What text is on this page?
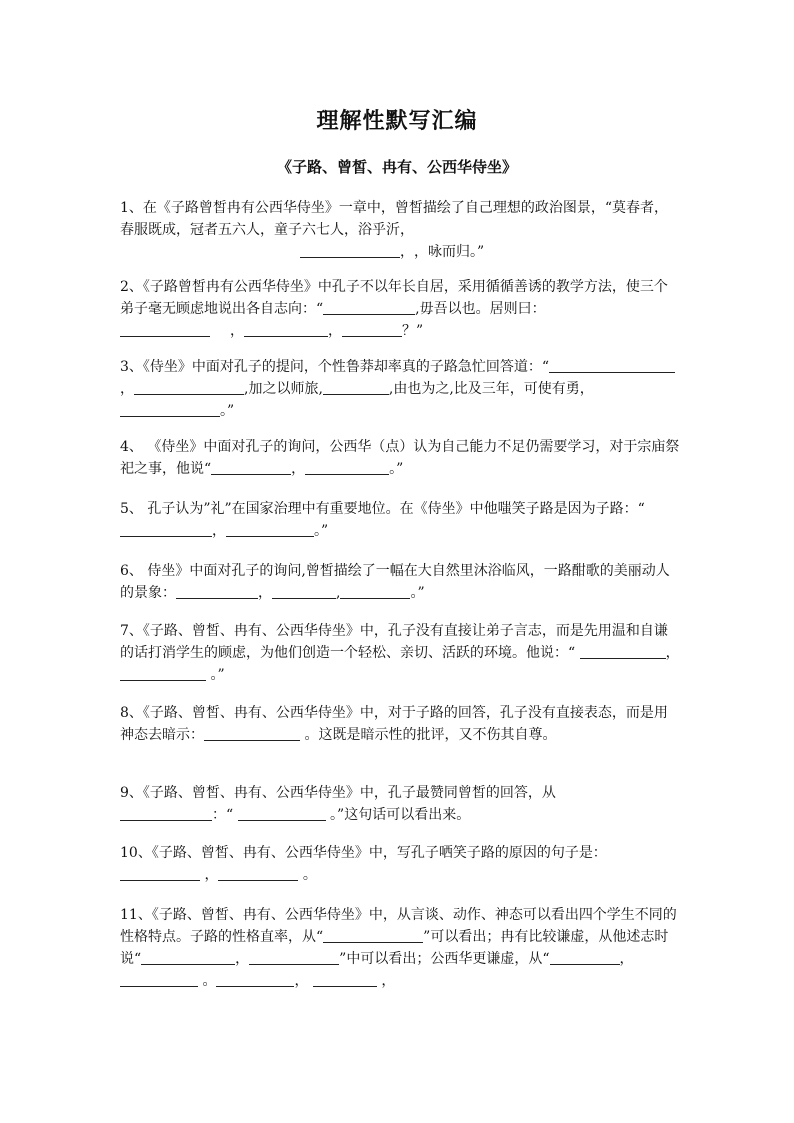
理解性默写汇编
《子路、曾皙、冉有、公西华侍坐》

1、在《子路曾皙冉有公西华侍坐》一章中，曾皙描绘了自己理想的政治图景，“莫春者，春服既成，冠者五六人，童子六七人，浴乎沂，
，，咏而归。”

2、《子路曾皙冉有公西华侍坐》中孔子不以年长自居，采用循循善诱的教学方法，使三个弟子毫无顾虑地说出各自志向：“	,毋吾以也。居则曰：
，	，	？”

3、《侍坐》中面对孔子的提问，个性鲁莽却率真的子路急忙回答道：“，	,加之以师旅,	,由也为之,比及三年，可使有勇，。”

4、 《侍坐》中面对孔子的询问，公西华（点）认为自己能力不足仍需要学习，对于宗庙祭祀之事，他说“	，	。”

5、 孔子认为”礼”在国家治理中有重要地位。在《侍坐》中他嗤笑子路是因为子路：“，	。”

6、 侍坐》中面对孔子的询问,曾皙描绘了一幅在大自然里沐浴临风，一路酣歌的美丽动人的景象：	，	,	。”

7、《子路、曾皙、冉有、公西华侍坐》中，孔子没有直接让弟子言志，而是先用温和自谦的话打消学生的顾虑，为他们创造一个轻松、亲切、活跃的环境。他说：“	，  。”

8、《子路、曾皙、冉有、公西华侍坐》中，对于子路的回答，孔子没有直接表态，而是用神态去暗示：	。这既是暗示性的批评，又不伤其自尊。

9、《子路、曾皙、冉有、公西华侍坐》中，孔子最赞同曾皙的回答，从
：“	。”这句话可以看出来。

10、《子路、曾皙、冉有、公西华侍坐》中，写孔子哂笑子路的原因的句子是：
，	。

11、《子路、曾皙、冉有、公西华侍坐》中，从言谈、动作、神态可以看出四个学生不同的性格特点。子路的性格直率，从“	”可以看出；冉有比较谦虚，从他述志时说“	，	”中可以看出；公西华更谦虚，从“	，  。	，	，
